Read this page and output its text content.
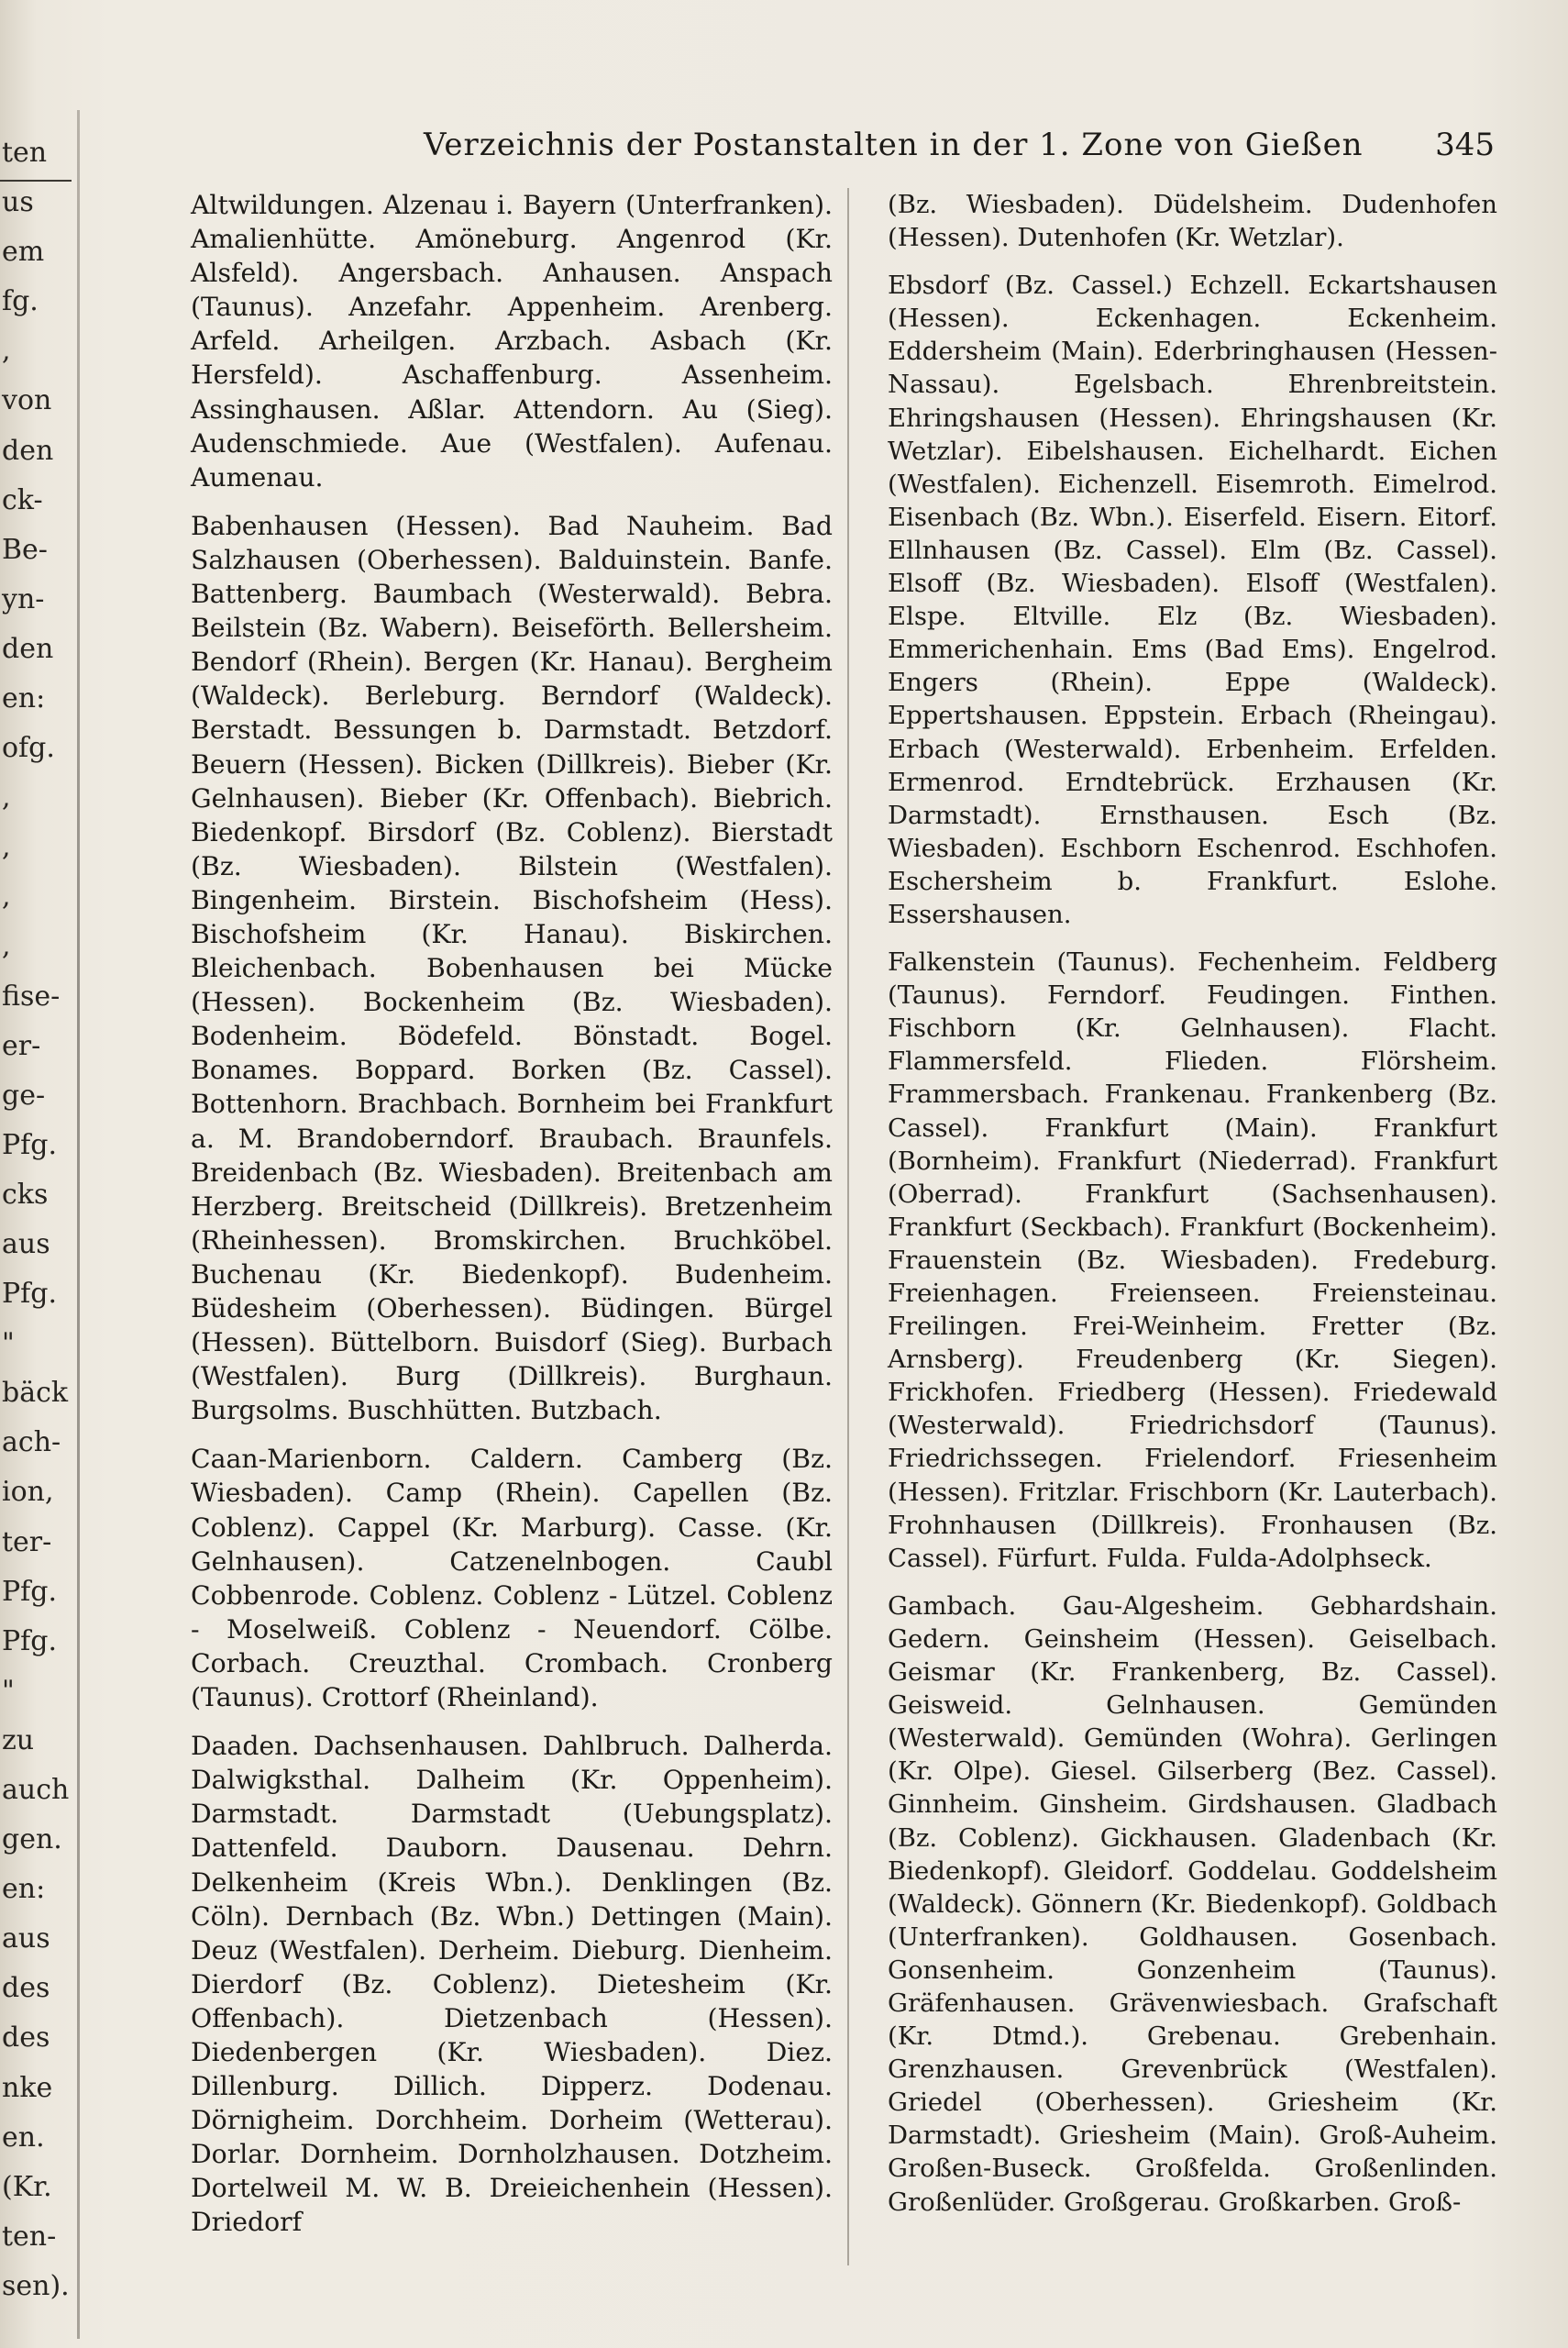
ten
us
em
fg.
,
von
den
ck-
Be-
yn-
den
en:
ofg.
,
,
,
,
fise-
er-
ge-
Pfg.
cks
aus
Pfg.
"
bäck
ach-
ion,
ter-
Pfg.
Pfg.
"
zu
auch
gen.
en:
aus
des
des
nke
en.
(Kr.
ten-
sen).
Verzeichnis der Postanstalten in der 1. Zone von Gießen 345
Altwildungen. Alzenau i. Bayern (Unterfranken). Amalienhütte. Amöneburg. Angenrod (Kr. Alsfeld). Angersbach. Anhausen. Anspach (Taunus). Anzefahr. Appenheim. Arenberg. Arfeld. Arheilgen. Arzbach. Asbach (Kr. Hersfeld). Aschaffenburg. Assenheim. Assinghausen. Aßlar. Attendorn. Au (Sieg). Audenschmiede. Aue (Westfalen). Aufenau. Aumenau.
Babenhausen (Hessen). Bad Nauheim. Bad Salzhausen (Oberhessen). Balduinstein. Banfe. Battenberg. Baumbach (Westerwald). Bebra. Beilstein (Bz. Wabern). Beiseförth. Bellersheim. Bendorf (Rhein). Bergen (Kr. Hanau). Bergheim (Waldeck). Berleburg. Berndorf (Waldeck). Berstadt. Bessungen b. Darmstadt. Betzdorf. Beuern (Hessen). Bicken (Dillkreis). Bieber (Kr. Gelnhausen). Bieber (Kr. Offenbach). Biebrich. Biedenkopf. Birsdorf (Bz. Coblenz). Bierstadt (Bz. Wiesbaden). Bilstein (Westfalen). Bingenheim. Birstein. Bischofsheim (Hess). Bischofsheim (Kr. Hanau). Biskirchen. Bleichenbach. Bobenhausen bei Mücke (Hessen). Bockenheim (Bz. Wiesbaden). Bodenheim. Bödefeld. Bönstadt. Bogel. Bonames. Boppard. Borken (Bz. Cassel). Bottenhorn. Brachbach. Bornheim bei Frankfurt a. M. Brandoberndorf. Braubach. Braunfels. Breidenbach (Bz. Wiesbaden). Breitenbach am Herzberg. Breitscheid (Dillkreis). Bretzenheim (Rheinhessen). Bromskirchen. Bruchköbel. Buchenau (Kr. Biedenkopf). Budenheim. Büdesheim (Oberhessen). Büdingen. Bürgel (Hessen). Büttelborn. Buisdorf (Sieg). Burbach (Westfalen). Burg (Dillkreis). Burghaun. Burgsolms. Buschhütten. Butzbach.
Caan-Marienborn. Caldern. Camberg (Bz. Wiesbaden). Camp (Rhein). Capellen (Bz. Coblenz). Cappel (Kr. Marburg). Casse. (Kr. Gelnhausen). Catzenelnbogen. Caubl Cobbenrode. Coblenz. Coblenz - Lützel. Coblenz - Moselweiß. Coblenz - Neuendorf. Cölbe. Corbach. Creuzthal. Crombach. Cronberg (Taunus). Crottorf (Rheinland).
Daaden. Dachsenhausen. Dahlbruch. Dalherda. Dalwigksthal. Dalheim (Kr. Oppenheim). Darmstadt. Darmstadt (Uebungsplatz). Dattenfeld. Dauborn. Dausenau. Dehrn. Delkenheim (Kreis Wbn.). Denklingen (Bz. Cöln). Dernbach (Bz. Wbn.) Dettingen (Main). Deuz (Westfalen). Derheim. Dieburg. Dienheim. Dierdorf (Bz. Coblenz). Dietesheim (Kr. Offenbach). Dietzenbach (Hessen). Diedenbergen (Kr. Wiesbaden). Diez. Dillenburg. Dillich. Dipperz. Dodenau. Dörnigheim. Dorchheim. Dorheim (Wetterau). Dorlar. Dornheim. Dornholzhausen. Dotzheim. Dortelweil M. W. B. Dreieichenhein (Hessen). Driedorf
(Bz. Wiesbaden). Düdelsheim. Dudenhofen (Hessen). Dutenhofen (Kr. Wetzlar).
Ebsdorf (Bz. Cassel.) Echzell. Eckartshausen (Hessen). Eckenhagen. Eckenheim. Eddersheim (Main). Ederbringhausen (Hessen-Nassau). Egelsbach. Ehrenbreitstein. Ehringshausen (Hessen). Ehringshausen (Kr. Wetzlar). Eibelshausen. Eichelhardt. Eichen (Westfalen). Eichenzell. Eisemroth. Eimelrod. Eisenbach (Bz. Wbn.). Eiserfeld. Eisern. Eitorf. Ellnhausen (Bz. Cassel). Elm (Bz. Cassel). Elsoff (Bz. Wiesbaden). Elsoff (Westfalen). Elspe. Eltville. Elz (Bz. Wiesbaden). Emmerichenhain. Ems (Bad Ems). Engelrod. Engers (Rhein). Eppe (Waldeck). Eppertshausen. Eppstein. Erbach (Rheingau). Erbach (Westerwald). Erbenheim. Erfelden. Ermenrod. Erndtebrück. Erzhausen (Kr. Darmstadt). Ernsthausen. Esch (Bz. Wiesbaden). Eschborn Eschenrod. Eschhofen. Eschersheim b. Frankfurt. Eslohe. Essershausen.
Falkenstein (Taunus). Fechenheim. Feldberg (Taunus). Ferndorf. Feudingen. Finthen. Fischborn (Kr. Gelnhausen). Flacht. Flammersfeld. Flieden. Flörsheim. Frammersbach. Frankenau. Frankenberg (Bz. Cassel). Frankfurt (Main). Frankfurt (Bornheim). Frankfurt (Niederrad). Frankfurt (Oberrad). Frankfurt (Sachsenhausen). Frankfurt (Seckbach). Frankfurt (Bockenheim). Frauenstein (Bz. Wiesbaden). Fredeburg. Freienhagen. Freienseen. Freiensteinau. Freilingen. Frei-Weinheim. Fretter (Bz. Arnsberg). Freudenberg (Kr. Siegen). Frickhofen. Friedberg (Hessen). Friedewald (Westerwald). Friedrichsdorf (Taunus). Friedrichssegen. Frielendorf. Friesenheim (Hessen). Fritzlar. Frischborn (Kr. Lauterbach). Frohnhausen (Dillkreis). Fronhausen (Bz. Cassel). Fürfurt. Fulda. Fulda-Adolphseck.
Gambach. Gau-Algesheim. Gebhardshain. Gedern. Geinsheim (Hessen). Geiselbach. Geismar (Kr. Frankenberg, Bz. Cassel). Geisweid. Gelnhausen. Gemünden (Westerwald). Gemünden (Wohra). Gerlingen (Kr. Olpe). Giesel. Gilserberg (Bez. Cassel). Ginnheim. Ginsheim. Girdshausen. Gladbach (Bz. Coblenz). Gickhausen. Gladenbach (Kr. Biedenkopf). Gleidorf. Goddelau. Goddelsheim (Waldeck). Gönnern (Kr. Biedenkopf). Goldbach (Unterfranken). Goldhausen. Gosenbach. Gonsenheim. Gonzenheim (Taunus). Gräfenhausen. Grävenwiesbach. Grafschaft (Kr. Dtmd.). Grebenau. Grebenhain. Grenzhausen. Grevenbrück (Westfalen). Griedel (Oberhessen). Griesheim (Kr. Darmstadt). Griesheim (Main). Groß-Auheim. Großen-Buseck. Großfelda. Großenlinden. Großenlüder. Großgerau. Großkarben. Groß-
